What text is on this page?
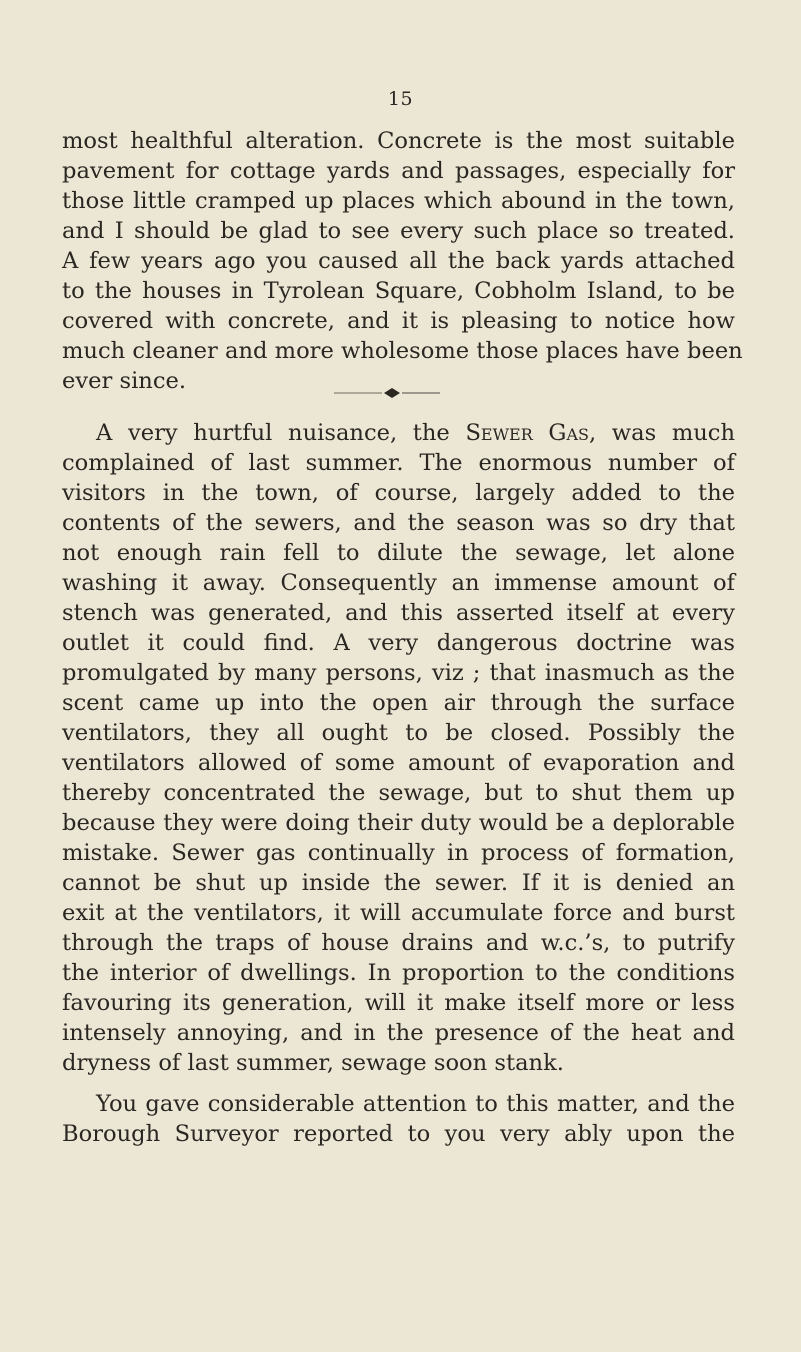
15
most healthful alteration. Concrete is the most suitable
pavement for cottage yards and passages, especially for
those little cramped up places which abound in the town,
and I should be glad to see every such place so treated.
A few years ago you caused all the back yards attached
to the houses in Tyrolean Square, Cobholm Island, to be
covered with concrete, and it is pleasing to notice how
much cleaner and more wholesome those places have been
ever since.
A very hurtful nuisance, the Sewer Gas, was much
complained of last summer. The enormous number of
visitors in the town, of course, largely added to the
contents of the sewers, and the season was so dry that
not enough rain fell to dilute the sewage, let alone
washing it away. Consequently an immense amount of
stench was generated, and this asserted itself at every
outlet it could find. A very dangerous doctrine was
promulgated by many persons, viz ; that inasmuch as the
scent came up into the open air through the surface
ventilators, they all ought to be closed. Possibly the
ventilators allowed of some amount of evaporation and
thereby concentrated the sewage, but to shut them up
because they were doing their duty would be a deplorable
mistake. Sewer gas continually in process of formation,
cannot be shut up inside the sewer. If it is denied an
exit at the ventilators, it will accumulate force and burst
through the traps of house drains and w.c.’s, to putrify
the interior of dwellings. In proportion to the conditions
favouring its generation, will it make itself more or less
intensely annoying, and in the presence of the heat and
dryness of last summer, sewage soon stank.
You gave considerable attention to this matter, and the
Borough Surveyor reported to you very ably upon the
